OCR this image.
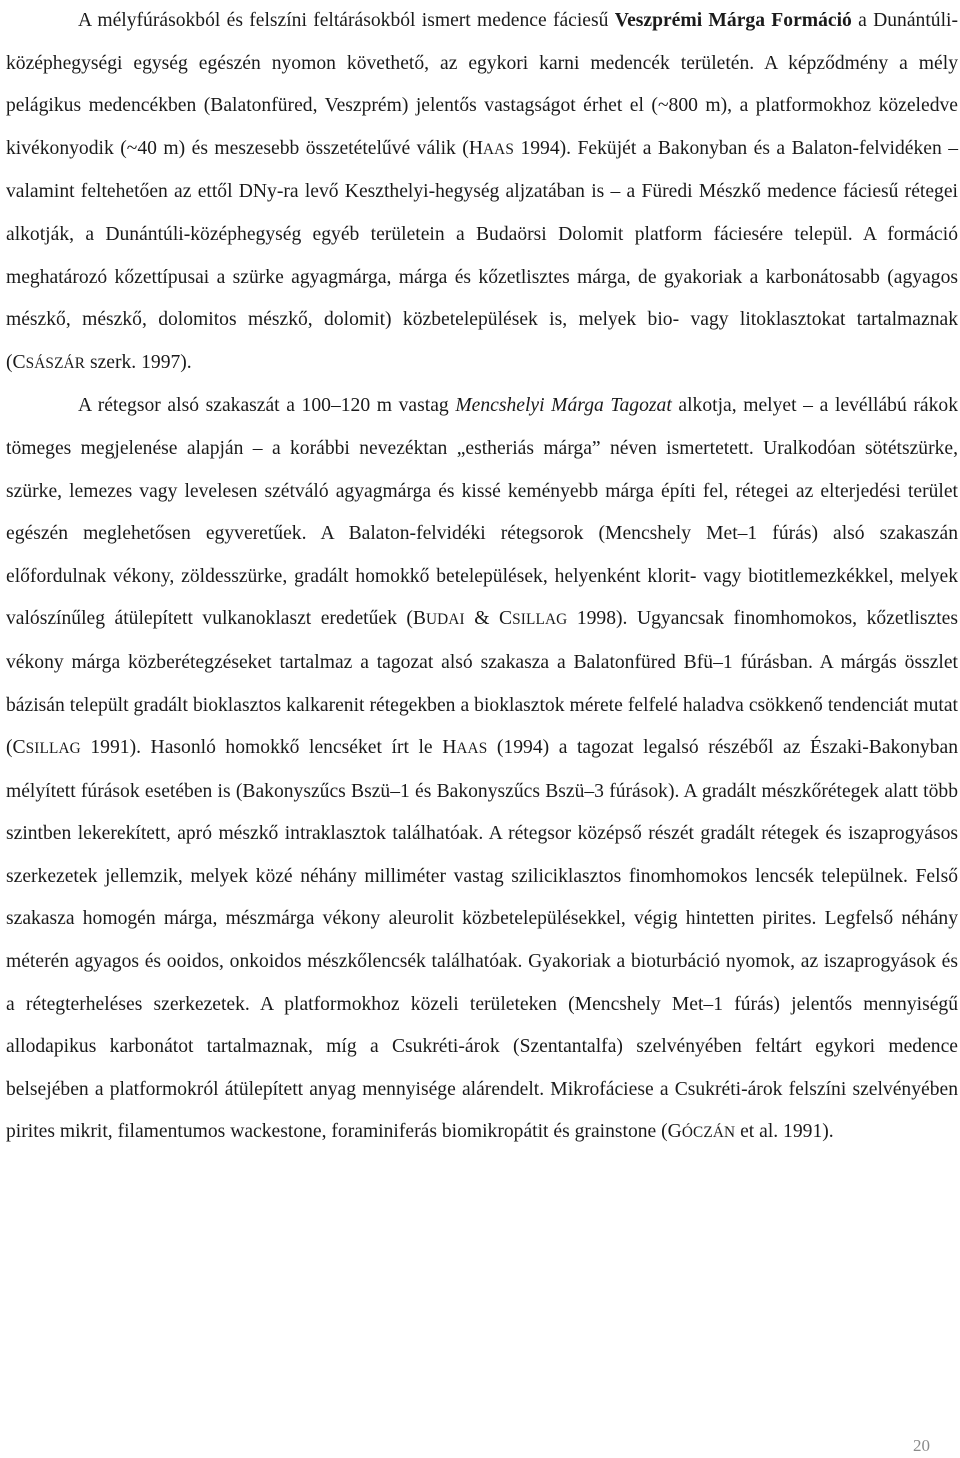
A mélyfúrásokból és felszíni feltárásokból ismert medence fáciesű Veszprémi Márga Formáció a Dunántúli-középhegységi egység egészén nyomon követhető, az egykori karni medencék területén. A képződmény a mély pelágikus medencékben (Balatonfüred, Veszprém) jelentős vastagságot érhet el (~800 m), a platformokhoz közeledve kivékonyodik (~40 m) és meszesebb összetételűvé válik (HAAS 1994). Feküjét a Bakonyban és a Balaton-felvidéken – valamint feltehetően az ettől DNy-ra levő Keszthelyi-hegység aljzatában is – a Füredi Mészkő medence fáciesű rétegei alkotják, a Dunántúli-középhegység egyéb területein a Budaörsi Dolomit platform fáciesére települ. A formáció meghatározó kőzettípusai a szürke agyagmárga, márga és kőzetlisztes márga, de gyakoriak a karbonátosabb (agyagos mészkő, mészkő, dolomitos mészkő, dolomit) közbetelepülések is, melyek bio- vagy litoklasztokat tartalmaznak (CSÁSZÁR szerk. 1997).

A rétegsor alsó szakaszát a 100–120 m vastag Mencshelyi Márga Tagozat alkotja, melyet – a levéllábú rákok tömeges megjelenése alapján – a korábbi nevezéktan „estheriás márga” néven ismertetett. Uralkodóan sötétszürke, szürke, lemezes vagy levelesen szétváló agyagmárga és kissé keményebb márga építi fel, rétegei az elterjedési terület egészén meglehetősen egyveretűek. A Balaton-felvidéki rétegsorok (Mencshely Met–1 fúrás) alsó szakaszán előfordulnak vékony, zöldesszürke, gradált homokkő betelepülések, helyenként klorit- vagy biotitlemezkékkel, melyek valószínűleg átülepített vulkanoklaszt eredetűek (BUDAI & CSILLAG 1998). Ugyancsak finomhomokos, kőzetlisztes vékony márga közberétegzéseket tartalmaz a tagozat alsó szakasza a Balatonfüred Bfü–1 fúrásban. A márgás összlet bázisán települt gradált bioklasztos kalkarenit rétegekben a bioklasztok mérete felfelé haladva csökkenő tendenciát mutat (CSILLAG 1991). Hasonló homokkő lencséket írt le HAAS (1994) a tagozat legalsó részéből az Északi-Bakonyban mélyített fúrások esetében is (Bakonyszűcs Bszü–1 és Bakonyszűcs Bszü–3 fúrások). A gradált mészkőrétegek alatt több szintben lekerekített, apró mészkő intraklasztok találhatóak. A rétegsor középső részét gradált rétegek és iszaprogyásos szerkezetek jellemzik, melyek közé néhány milliméter vastag sziliciklasztos finomhomokos lencsék települnek. Felső szakasza homogén márga, mészmárga vékony aleurolit közbetelepülésekkel, végig hintetten pirites. Legfelső néhány méterén agyagos és ooidos, onkoidos mészkőlencsék találhatóak. Gyakoriak a bioturbáció nyomok, az iszaprogyások és a rétegterheléses szerkezetek. A platformokhoz közeli területeken (Mencshely Met–1 fúrás) jelentős mennyiségű allodapikus karbonátot tartalmaznak, míg a Csukréti-árok (Szentantalfa) szelvényében feltárt egykori medence belsejében a platformokról átülepített anyag mennyisége alárendelt. Mikrofáciese a Csukréti-árok felszíni szelvényében pirites mikrit, filamentumos wackestone, foraminiferás biomikropátit és grainstone (GÓCZÁN et al. 1991).

20
